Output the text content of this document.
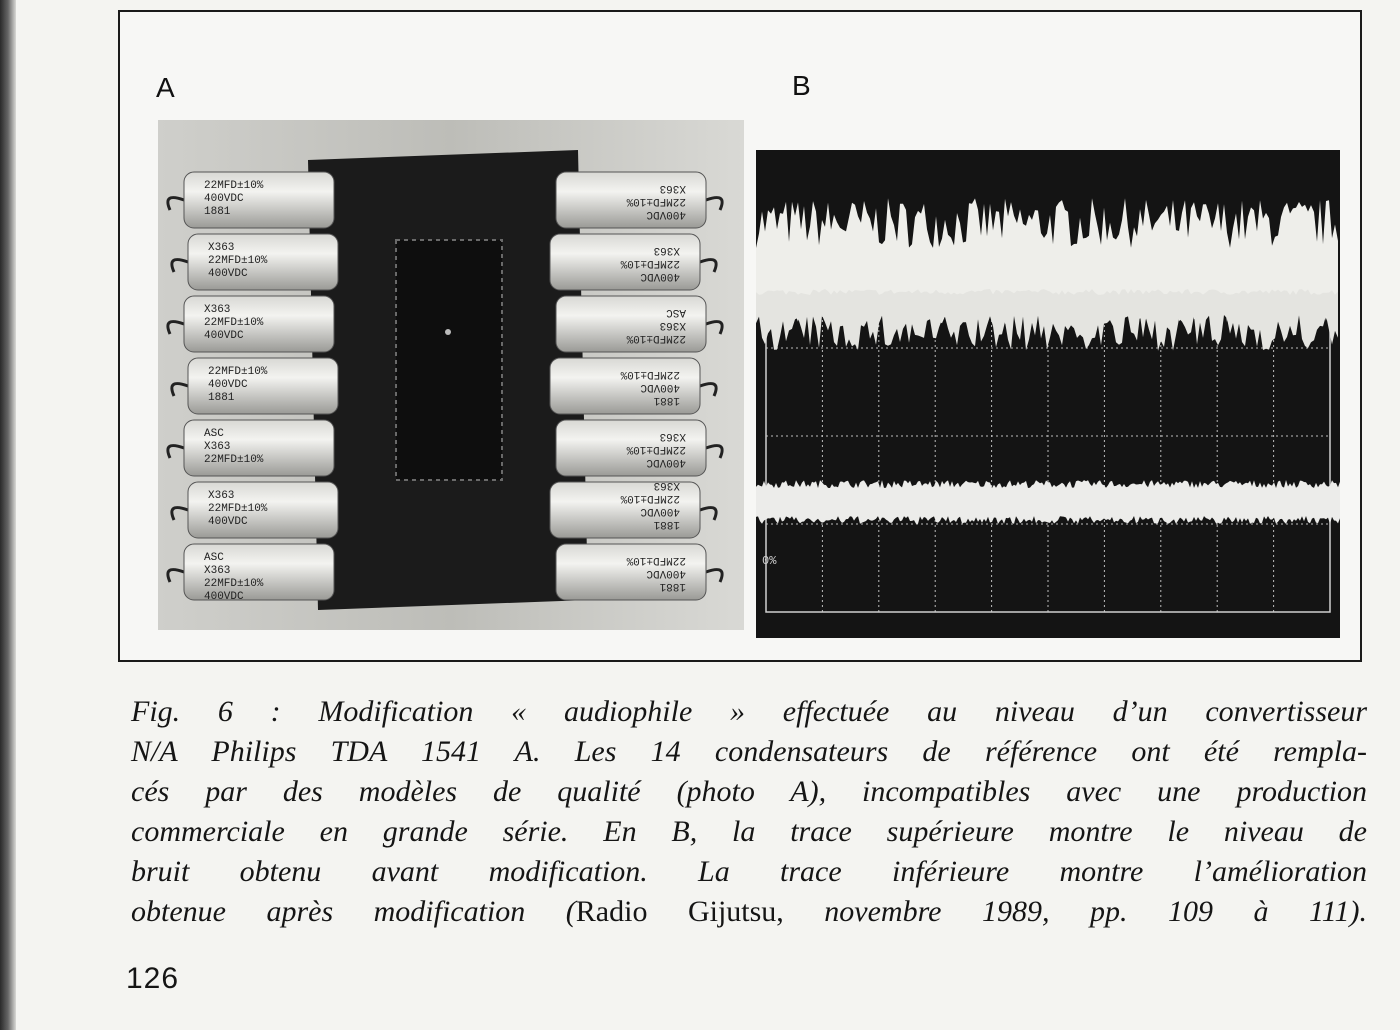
A	B
22MFD±10%
400VDC
1881
X363
22MFD±10%
400VDC
X363
22MFD±10%
400VDC
22MFD±10%
400VDC
1881
ASC
X363
22MFD±10%
X363
22MFD±10%
400VDC
ASC
X363
22MFD±10%
400VDC
400VDC
22MFD±10%
X363
400VDC
22MFD±10%
X363
22MFD±10%
X363
ASC
1881
400VDC
22MFD±10%
400VDC
22MFD±10%
X363
1881
400VDC
22MFD±10%
X363
1881
400VDC
22MFD±10%	0%
Fig. 6 : Modification « audiophile » effectuée au niveau d’un convertisseur
N/A Philips TDA 1541 A. Les 14 condensateurs de référence ont été rempla-
cés par des modèles de qualité (photo A), incompatibles avec une production
commerciale en grande série. En B, la trace supérieure montre le niveau de
bruit obtenu avant modification. La trace inférieure montre l’amélioration
obtenue après modification (Radio Gijutsu, novembre 1989, pp. 109 à 111).
126
